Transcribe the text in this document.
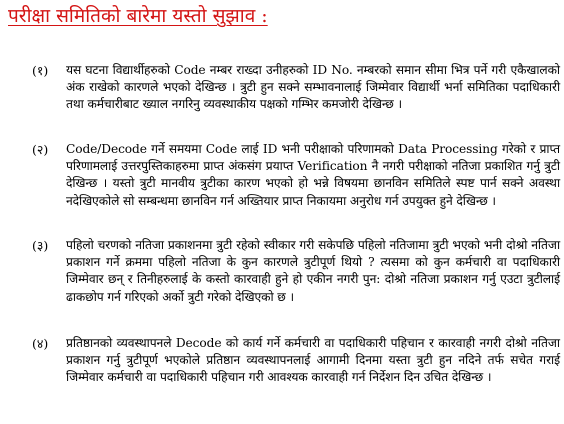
परीक्षा समितिको बारेमा यस्तो सुझाव :
(१) यस घटना विद्यार्थीहरुको Code नम्बर राख्दा उनीहरुको ID No. नम्बरको समान सीमा भित्र पर्ने गरी एकैखालको अंक राखेको कारणले भएको देखिन्छ । त्रुटी हुन सक्ने सम्भावनालाई जिम्मेवार विद्यार्थी भर्ना समितिका पदाधिकारी तथा कर्मचारीबाट ख्याल नगरिनु व्यवस्थाकीय पक्षको गम्भिर कमजोरी देखिन्छ ।

(२) Code/Decode गर्ने समयमा Code लाई ID भनी परीक्षाको परिणामको Data Processing गरेको र प्राप्त परिणामलाई उत्तरपुस्तिकाहरुमा प्राप्त अंकसंग प्रयाप्त Verification नै नगरी परीक्षाको नतिजा प्रकाशित गर्नु त्रुटी देखिन्छ । यस्तो त्रुटी मानवीय त्रुटीका कारण भएको हो भन्ने विषयमा छानविन समितिले स्पष्ट पार्न सक्ने अवस्था नदेखिएकोले सो सम्बन्धमा छानविन गर्न अख्तियार प्राप्त निकायमा अनुरोध गर्न उपयुक्त हुने देखिन्छ ।

(३) पहिलो चरणको नतिजा प्रकाशनमा त्रुटी रहेको स्वीकार गरी सकेपछि पहिलो नतिजामा त्रुटी भएको भनी दोश्रो नतिजा प्रकाशन गर्ने क्रममा पहिलो नतिजा के कुन कारणले त्रुटीपूर्ण थियो ? त्यसमा को कुन कर्मचारी वा पदाधिकारी जिम्मेवार छन् र तिनीहरुलाई के कस्तो कारवाही हुने हो एकीन नगरी पुन: दोश्रो नतिजा प्रकाशन गर्नु एउटा त्रुटीलाई ढाकछोप गर्न गरिएको अर्को त्रुटी गरेको देखिएको छ ।

(४) प्रतिष्ठानको व्यवस्थापनले Decode को कार्य गर्ने कर्मचारी वा पदाधिकारी पहिचान र कारवाही नगरी दोश्रो नतिजा प्रकाशन गर्नु त्रुटीपूर्ण भएकोले प्रतिष्ठान व्यवस्थापनलाई आगामी दिनमा यस्ता त्रुटी हुन नदिने तर्फ सचेत गराई जिम्मेवार कर्मचारी वा पदाधिकारी पहिचान गरी आवश्यक कारवाही गर्न निर्देशन दिन उचित देखिन्छ ।
